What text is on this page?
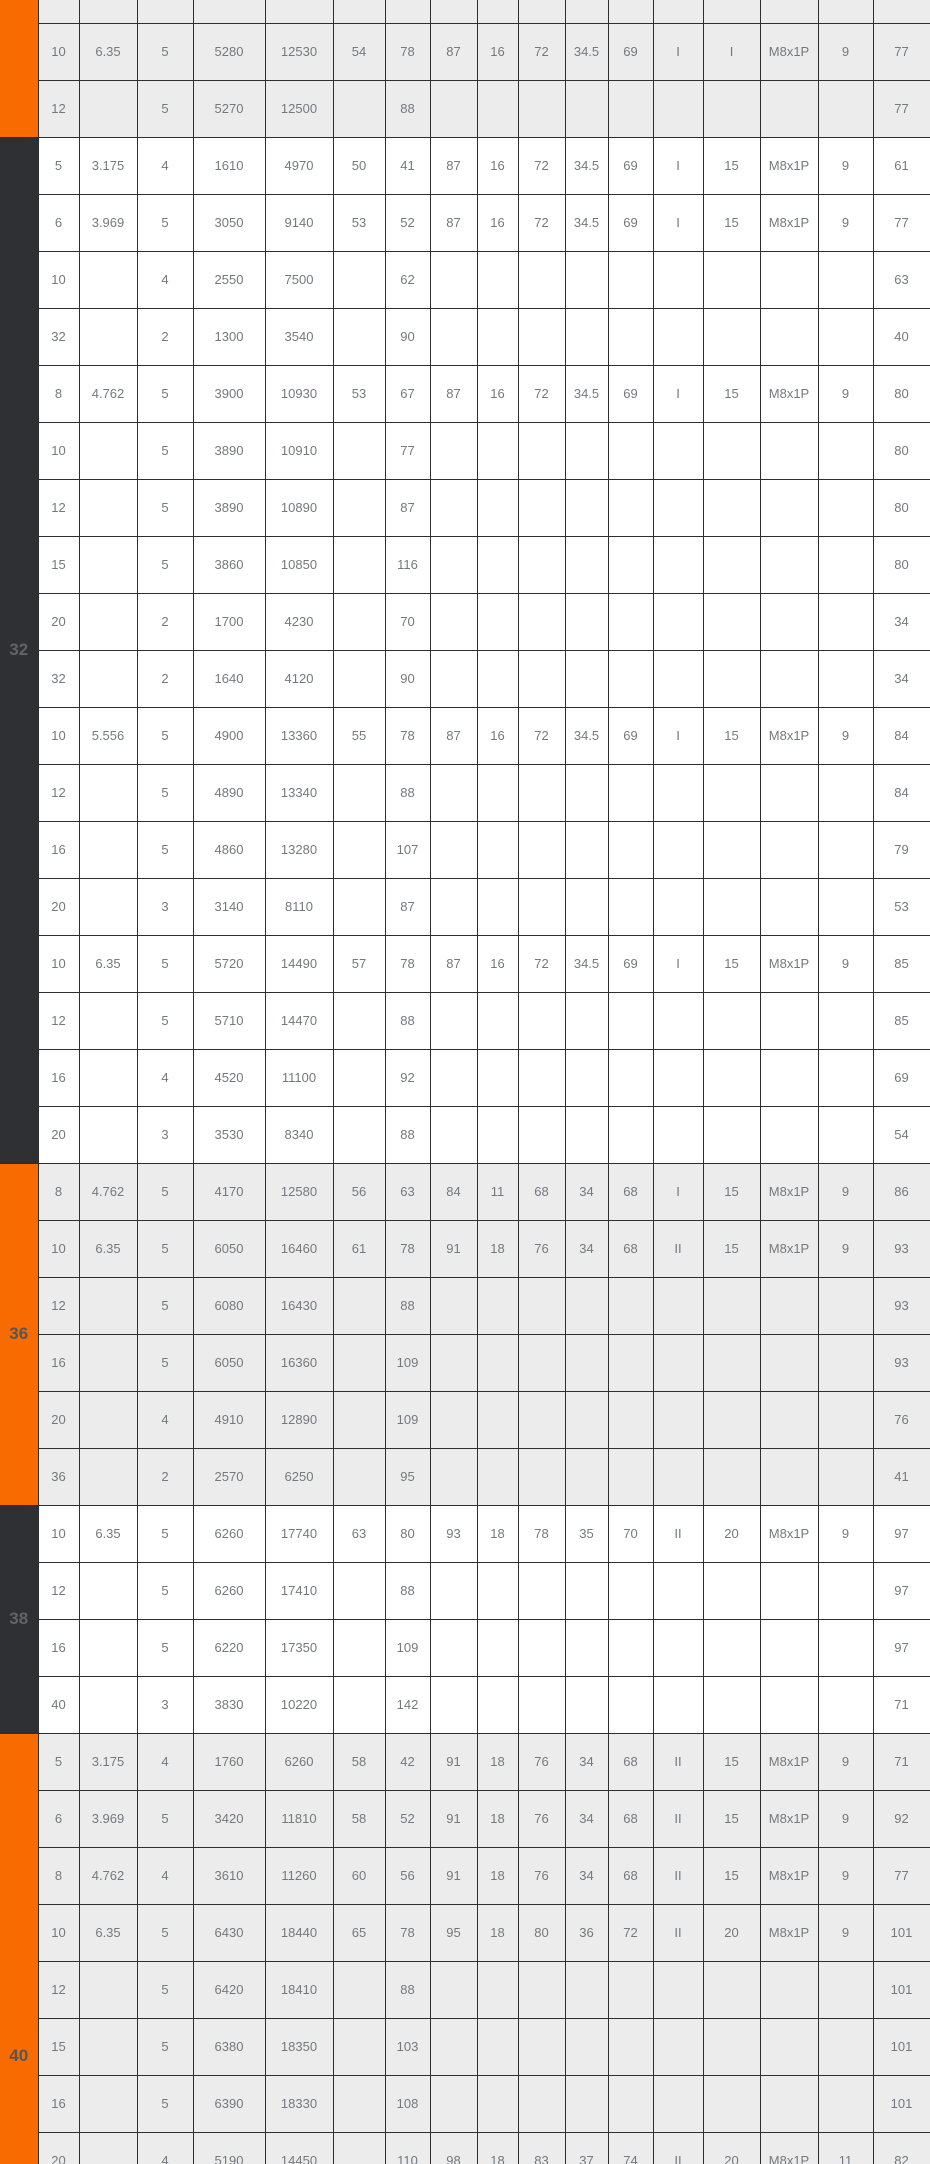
	10	6.35	5	5280	12530	54	78	87	16	72	34.5	69	I	I	M8x1P	9	77
	12		5	5270	12500		88										77

32	5	3.175	4	1610	4970	50	41	87	16	72	34.5	69	I	15	M8x1P	9	61
	6	3.969	5	3050	9140	53	52	87	16	72	34.5	69	I	15	M8x1P	9	77
	10		4	2550	7500		62										63
	32		2	1300	3540		90										40
	8	4.762	5	3900	10930	53	67	87	16	72	34.5	69	I	15	M8x1P	9	80
	10		5	3890	10910		77										80
	12		5	3890	10890		87										80
	15		5	3860	10850		116										80
	20		2	1700	4230		70										34
	32		2	1640	4120		90										34
	10	5.556	5	4900	13360	55	78	87	16	72	34.5	69	I	15	M8x1P	9	84
	12		5	4890	13340		88										84
	16		5	4860	13280		107										79
	20		3	3140	8110		87										53
	10	6.35	5	5720	14490	57	78	87	16	72	34.5	69	I	15	M8x1P	9	85
	12		5	5710	14470		88										85
	16		4	4520	11100		92										69
	20		3	3530	8340		88										54

36	8	4.762	5	4170	12580	56	63	84	11	68	34	68	I	15	M8x1P	9	86
	10	6.35	5	6050	16460	61	78	91	18	76	34	68	II	15	M8x1P	9	93
	12		5	6080	16430		88										93
	16		5	6050	16360		109										93
	20		4	4910	12890		109										76
	36		2	2570	6250		95										41

38	10	6.35	5	6260	17740	63	80	93	18	78	35	70	II	20	M8x1P	9	97
	12		5	6260	17410		88										97
	16		5	6220	17350		109										97
	40		3	3830	10220		142										71

40	5	3.175	4	1760	6260	58	42	91	18	76	34	68	II	15	M8x1P	9	71
	6	3.969	5	3420	11810	58	52	91	18	76	34	68	II	15	M8x1P	9	92
	8	4.762	4	3610	11260	60	56	91	18	76	34	68	II	15	M8x1P	9	77
	10	6.35	5	6430	18440	65	78	95	18	80	36	72	II	20	M8x1P	9	101
	12		5	6420	18410		88										101
	15		5	6380	18350		103										101
	16		5	6390	18330		108										101
	20		4	5190	14450		110	98	18	83	37	74	II	20	M8x1P	11	82
